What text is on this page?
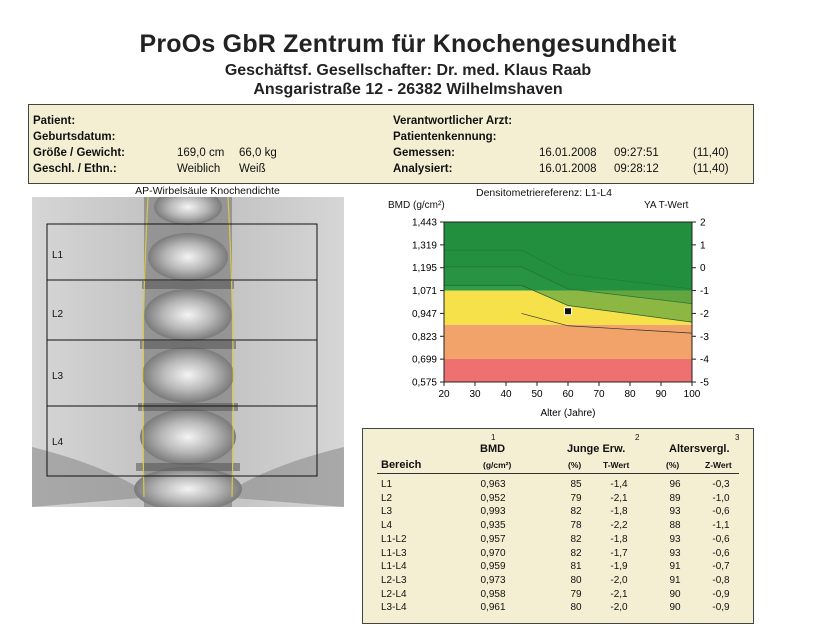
ProOs GbR Zentrum für Knochengesundheit
Geschäftsf. Gesellschafter: Dr. med. Klaus Raab
Ansgaristraße 12 - 26382 Wilhelmshaven
Patient:
Geburtsdatum:
Größe / Gewicht:	169,0 cm 66,0 kg
Geschl. / Ethn.:	Weiblich Weiß
Verantwortlicher Arzt:
Patientenkennung:
Gemessen:	16.01.2008 09:27:51	(11,40)
Analysiert:	16.01.2008 09:28:12	(11,40)
AP-Wirbelsäule Knochendichte
L1
L2
L3
L4
Densitometriereferenz: L1-L4
BMD (g/cm²)	YA T-Wert
1,443
1,319
1,195
1,071
0,947
0,823
0,699
0,575
2
1
0
-1
-2
-3
-4
-5
20 30 40 50 60 70 80 90 100
Alter (Jahre)
1	2	3
BMD	Junge Erw.	Altersvergl.
Bereich	(g/cm²)	(%)	T-Wert	(%)	Z-Wert
L1	0,963	85	-1,4	96	-0,3
L2	0,952	79	-2,1	89	-1,0
L3	0,993	82	-1,8	93	-0,6
L4	0,935	78	-2,2	88	-1,1
L1-L2	0,957	82	-1,8	93	-0,6
L1-L3	0,970	82	-1,7	93	-0,6
L1-L4	0,959	81	-1,9	91	-0,7
L2-L3	0,973	80	-2,0	91	-0,8
L2-L4	0,958	79	-2,1	90	-0,9
L3-L4	0,961	80	-2,0	90	-0,9
